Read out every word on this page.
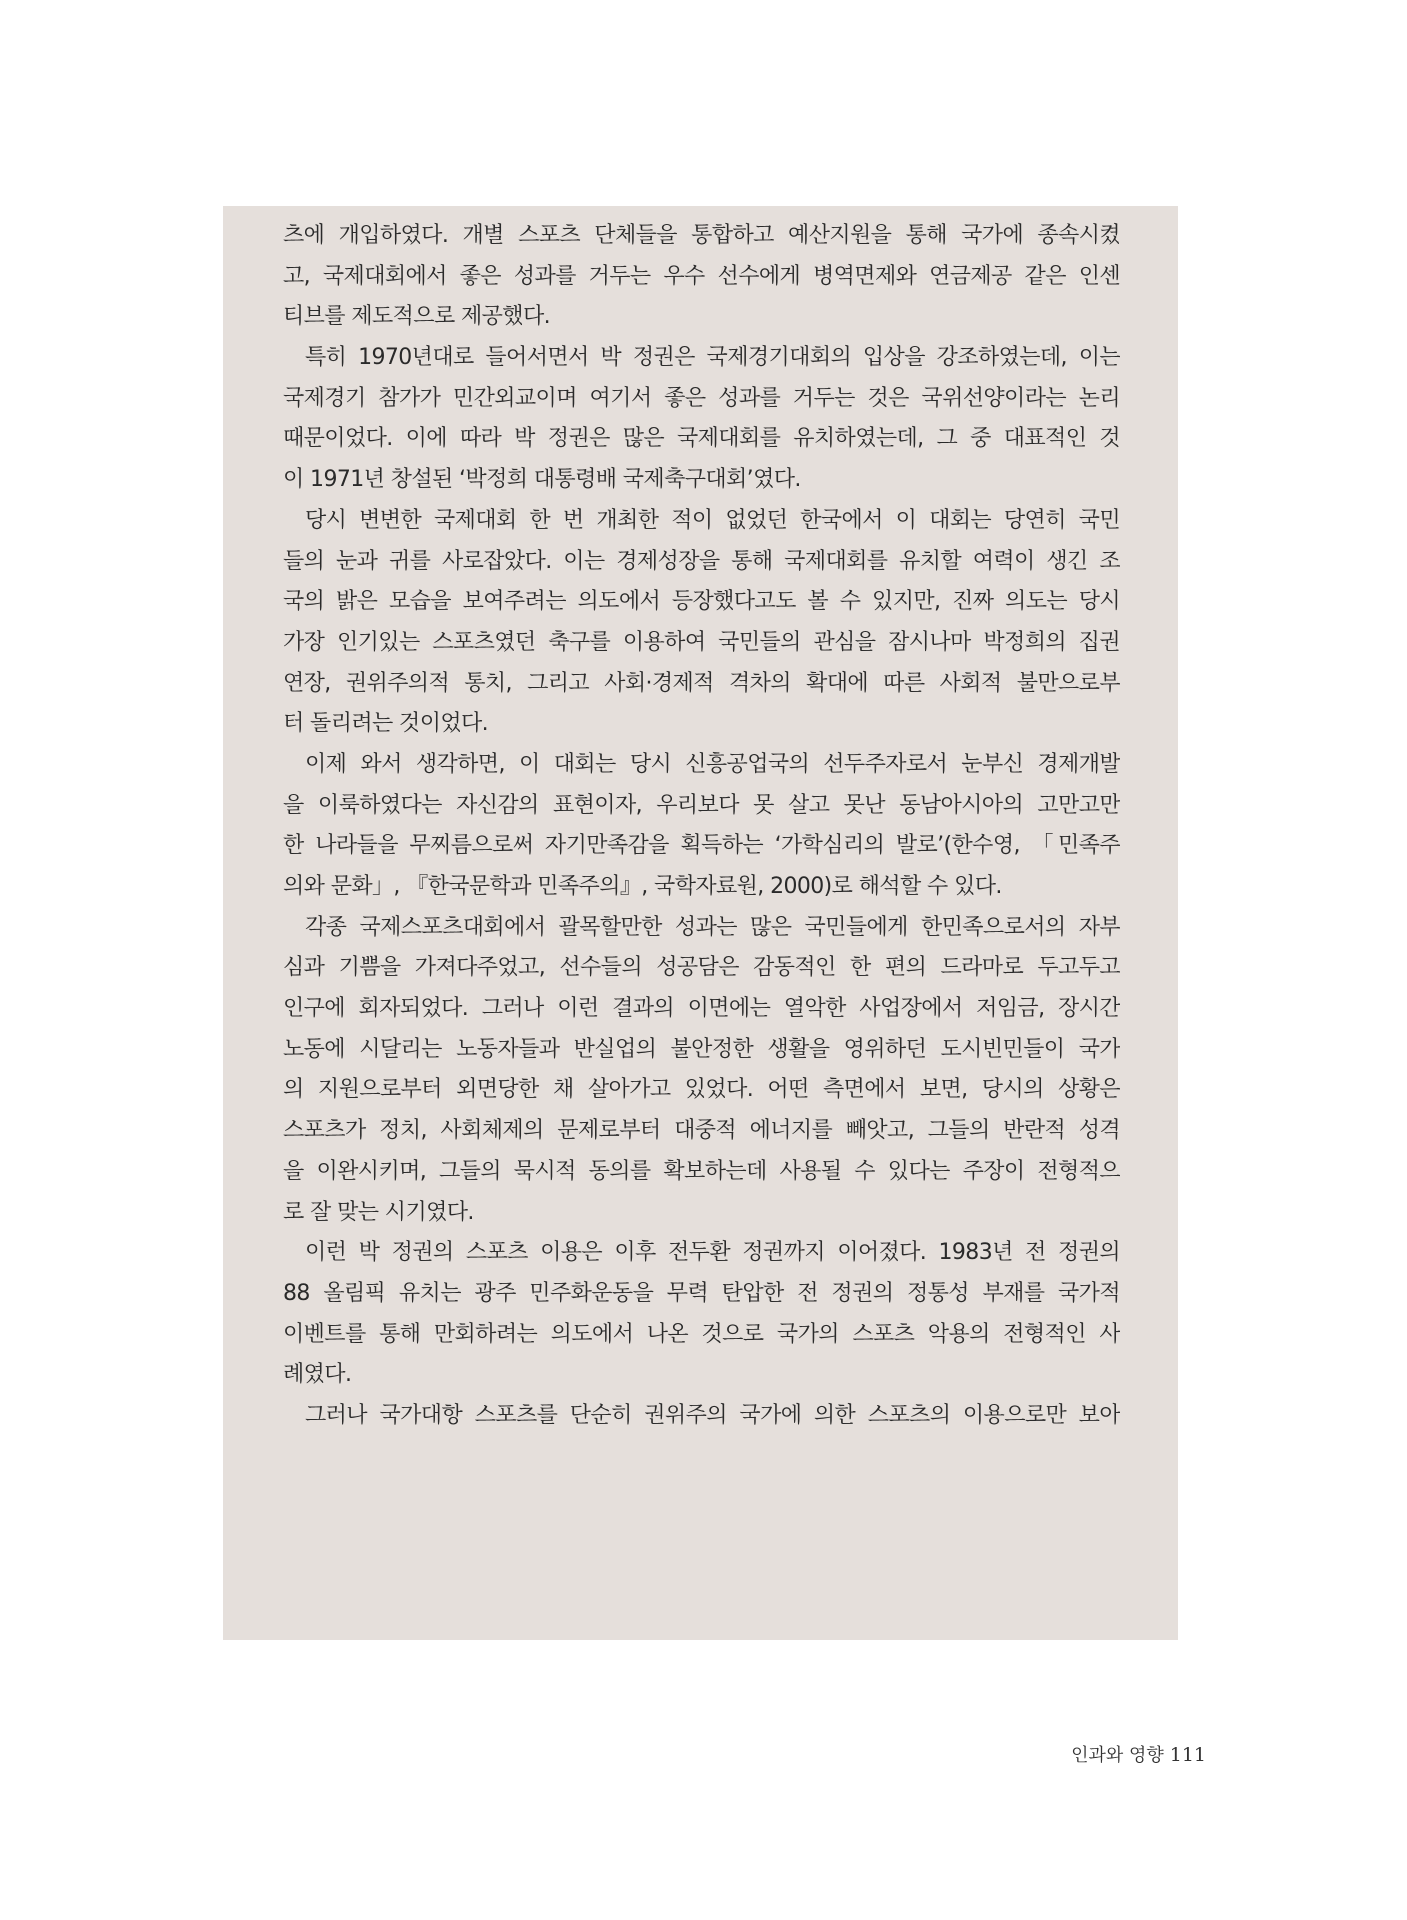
츠에 개입하였다. 개별 스포츠 단체들을 통합하고 예산지원을 통해 국가에 종속시켰
고, 국제대회에서 좋은 성과를 거두는 우수 선수에게 병역면제와 연금제공 같은 인센
티브를 제도적으로 제공했다.
특히 1970년대로 들어서면서 박 정권은 국제경기대회의 입상을 강조하였는데, 이는
국제경기 참가가 민간외교이며 여기서 좋은 성과를 거두는 것은 국위선양이라는 논리
때문이었다. 이에 따라 박 정권은 많은 국제대회를 유치하였는데, 그 중 대표적인 것
이 1971년 창설된 ‘박정희 대통령배 국제축구대회’였다.
당시 변변한 국제대회 한 번 개최한 적이 없었던 한국에서 이 대회는 당연히 국민
들의 눈과 귀를 사로잡았다. 이는 경제성장을 통해 국제대회를 유치할 여력이 생긴 조
국의 밝은 모습을 보여주려는 의도에서 등장했다고도 볼 수 있지만, 진짜 의도는 당시
가장 인기있는 스포츠였던 축구를 이용하여 국민들의 관심을 잠시나마 박정희의 집권
연장, 권위주의적 통치, 그리고 사회·경제적 격차의 확대에 따른 사회적 불만으로부
터 돌리려는 것이었다.
이제 와서 생각하면, 이 대회는 당시 신흥공업국의 선두주자로서 눈부신 경제개발
을 이룩하였다는 자신감의 표현이자, 우리보다 못 살고 못난 동남아시아의 고만고만
한 나라들을 무찌름으로써 자기만족감을 획득하는 ‘가학심리의 발로’(한수영, 「민족주
의와 문화」, 『한국문학과 민족주의』, 국학자료원, 2000)로 해석할 수 있다.
각종 국제스포츠대회에서 괄목할만한 성과는 많은 국민들에게 한민족으로서의 자부
심과 기쁨을 가져다주었고, 선수들의 성공담은 감동적인 한 편의 드라마로 두고두고
인구에 회자되었다. 그러나 이런 결과의 이면에는 열악한 사업장에서 저임금, 장시간
노동에 시달리는 노동자들과 반실업의 불안정한 생활을 영위하던 도시빈민들이 국가
의 지원으로부터 외면당한 채 살아가고 있었다. 어떤 측면에서 보면, 당시의 상황은
스포츠가 정치, 사회체제의 문제로부터 대중적 에너지를 빼앗고, 그들의 반란적 성격
을 이완시키며, 그들의 묵시적 동의를 확보하는데 사용될 수 있다는 주장이 전형적으
로 잘 맞는 시기였다.
이런 박 정권의 스포츠 이용은 이후 전두환 정권까지 이어졌다. 1983년 전 정권의
88 올림픽 유치는 광주 민주화운동을 무력 탄압한 전 정권의 정통성 부재를 국가적
이벤트를 통해 만회하려는 의도에서 나온 것으로 국가의 스포츠 악용의 전형적인 사
례였다.
그러나 국가대항 스포츠를 단순히 권위주의 국가에 의한 스포츠의 이용으로만 보아
인과와 영향 111
